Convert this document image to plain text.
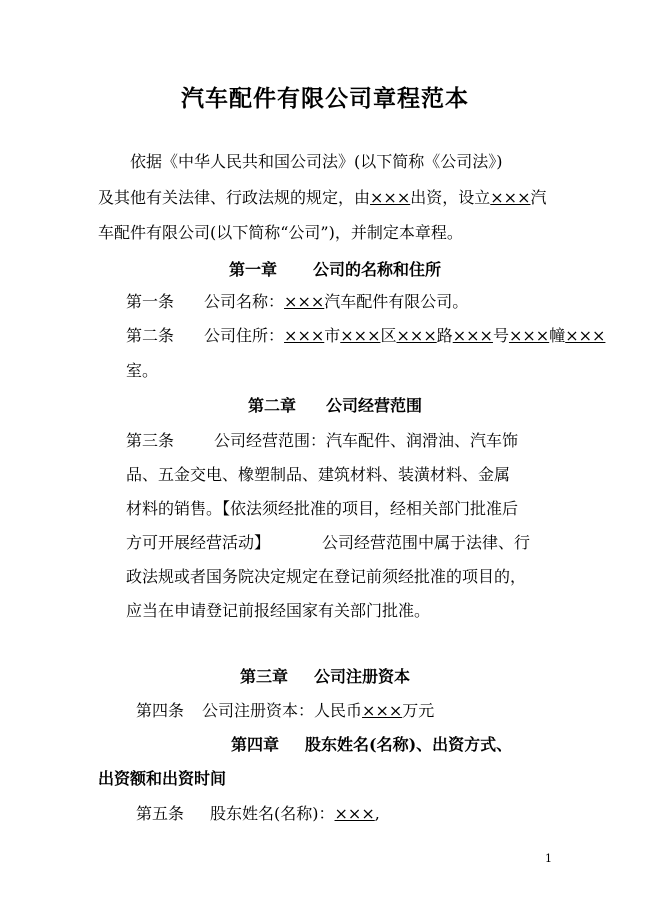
汽车配件有限公司章程范本
依据《中华人民共和国公司法》(以下简称《公司法》)
及其他有关法律、行政法规的规定，由×××出资，设立×××汽
车配件有限公司(以下简称“公司”)，并制定本章程。
第一章 公司的名称和住所
第一条 公司名称：×××汽车配件有限公司。
第二条 公司住所：×××市×××区×××路×××号×××幢×××
室。
第二章 公司经营范围
第三条	公司经营范围：汽车配件、润滑油、汽车饰
品、五金交电、橡塑制品、建筑材料、装潢材料、金属
材料的销售。【依法须经批准的项目，经相关部门批准后
方可开展经营活动】	公司经营范围中属于法律、行
政法规或者国务院决定规定在登记前须经批准的项目的，
应当在申请登记前报经国家有关部门批准。
第三章 公司注册资本
第四条 公司注册资本：人民币×××万元
第四章 股东姓名(名称)、出资方式、
出资额和出资时间
第五条 股东姓名(名称)：×××,
1
